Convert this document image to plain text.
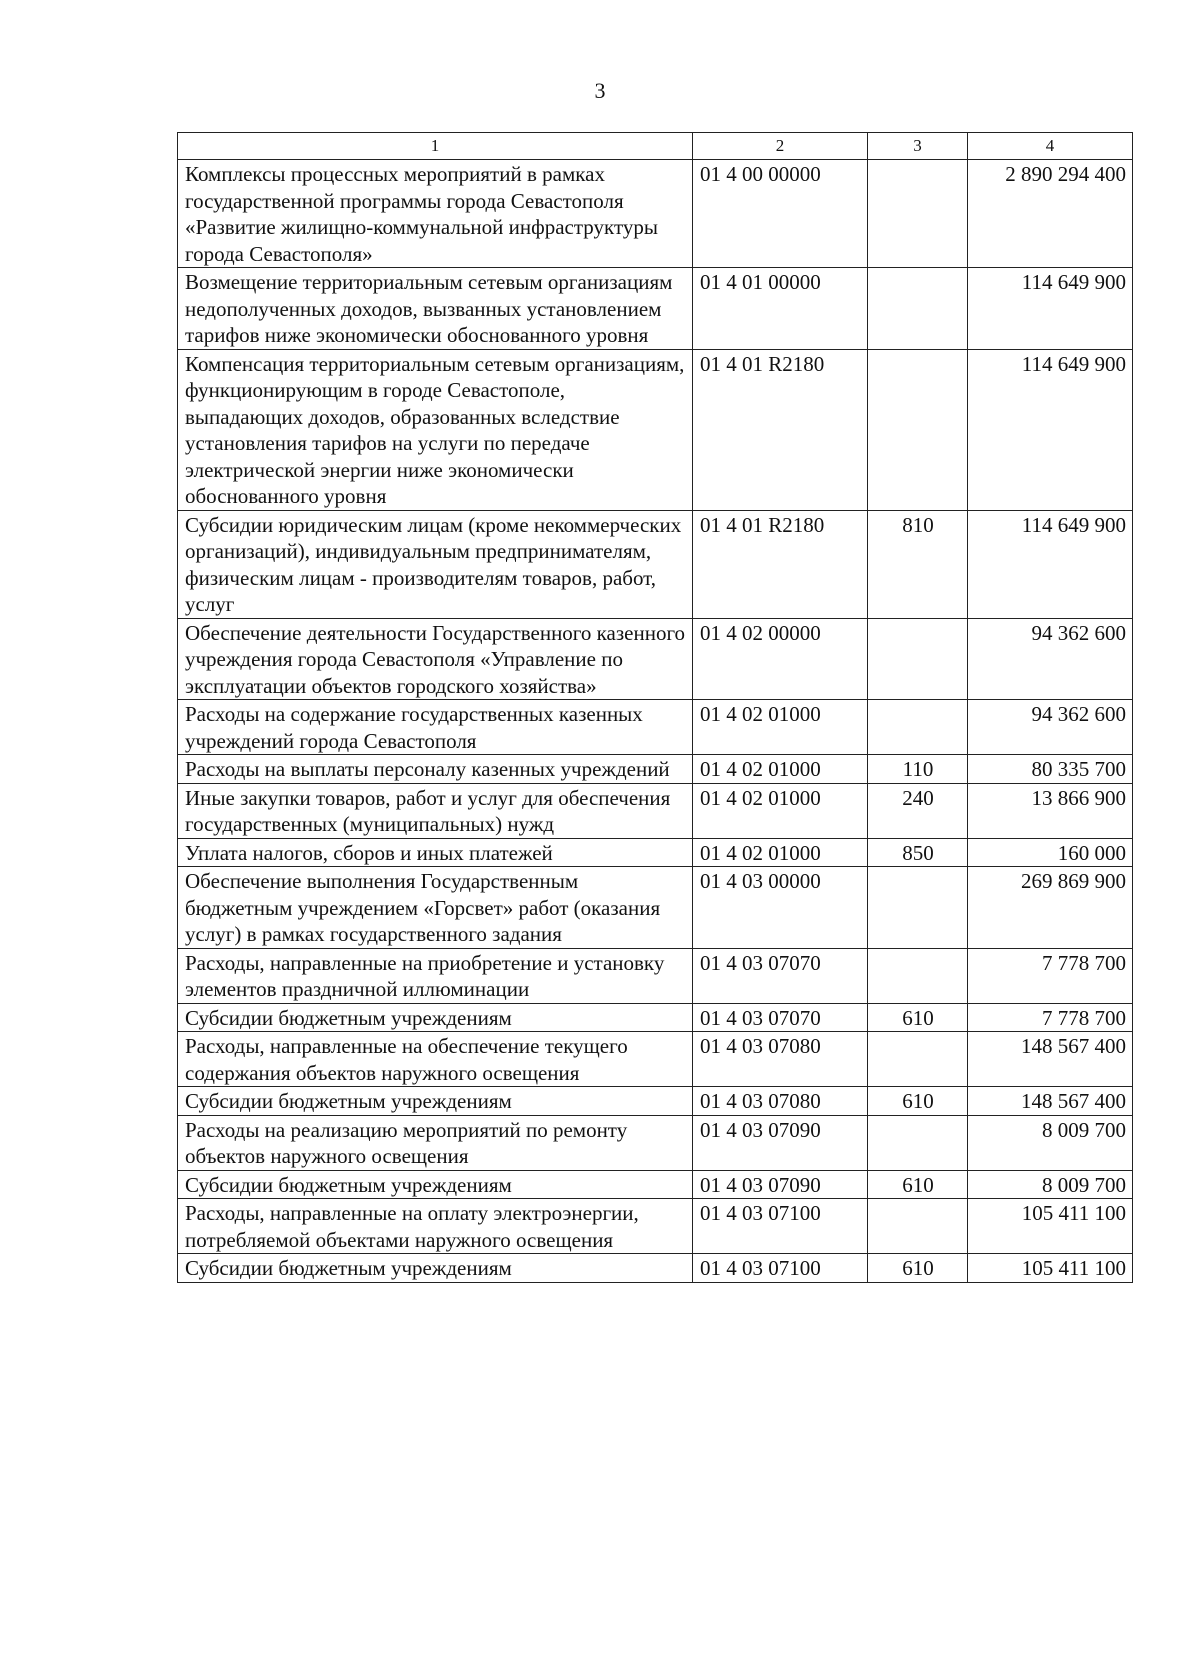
3
1	2	3	4
Комплексы процессных мероприятий в рамках государственной программы города Севастополя «Развитие жилищно-коммунальной инфраструктуры города Севастополя»	01 4 00 00000		2 890 294 400
Возмещение территориальным сетевым организациям недополученных доходов, вызванных установлением тарифов ниже экономически обоснованного уровня	01 4 01 00000		114 649 900
Компенсация территориальным сетевым организациям, функционирующим в городе Севастополе, выпадающих доходов, образованных вследствие установления тарифов на услуги по передаче электрической энергии ниже экономически обоснованного уровня	01 4 01 R2180		114 649 900
Субсидии юридическим лицам (кроме некоммерческих организаций), индивидуальным предпринимателям, физическим лицам - производителям товаров, работ, услуг	01 4 01 R2180	810	114 649 900
Обеспечение деятельности Государственного казенного учреждения города Севастополя «Управление по эксплуатации объектов городского хозяйства»	01 4 02 00000		94 362 600
Расходы на содержание государственных казенных учреждений города Севастополя	01 4 02 01000		94 362 600
Расходы на выплаты персоналу казенных учреждений	01 4 02 01000	110	80 335 700
Иные закупки товаров, работ и услуг для обеспечения государственных (муниципальных) нужд	01 4 02 01000	240	13 866 900
Уплата налогов, сборов и иных платежей	01 4 02 01000	850	160 000
Обеспечение выполнения Государственным бюджетным учреждением «Горсвет» работ (оказания услуг) в рамках государственного задания	01 4 03 00000		269 869 900
Расходы, направленные на приобретение и установку элементов праздничной иллюминации	01 4 03 07070		7 778 700
Субсидии бюджетным учреждениям	01 4 03 07070	610	7 778 700
Расходы, направленные на обеспечение текущего содержания объектов наружного освещения	01 4 03 07080		148 567 400
Субсидии бюджетным учреждениям	01 4 03 07080	610	148 567 400
Расходы на реализацию мероприятий по ремонту объектов наружного освещения	01 4 03 07090		8 009 700
Субсидии бюджетным учреждениям	01 4 03 07090	610	8 009 700
Расходы, направленные на оплату электроэнергии, потребляемой объектами наружного освещения	01 4 03 07100		105 411 100
Субсидии бюджетным учреждениям	01 4 03 07100	610	105 411 100
